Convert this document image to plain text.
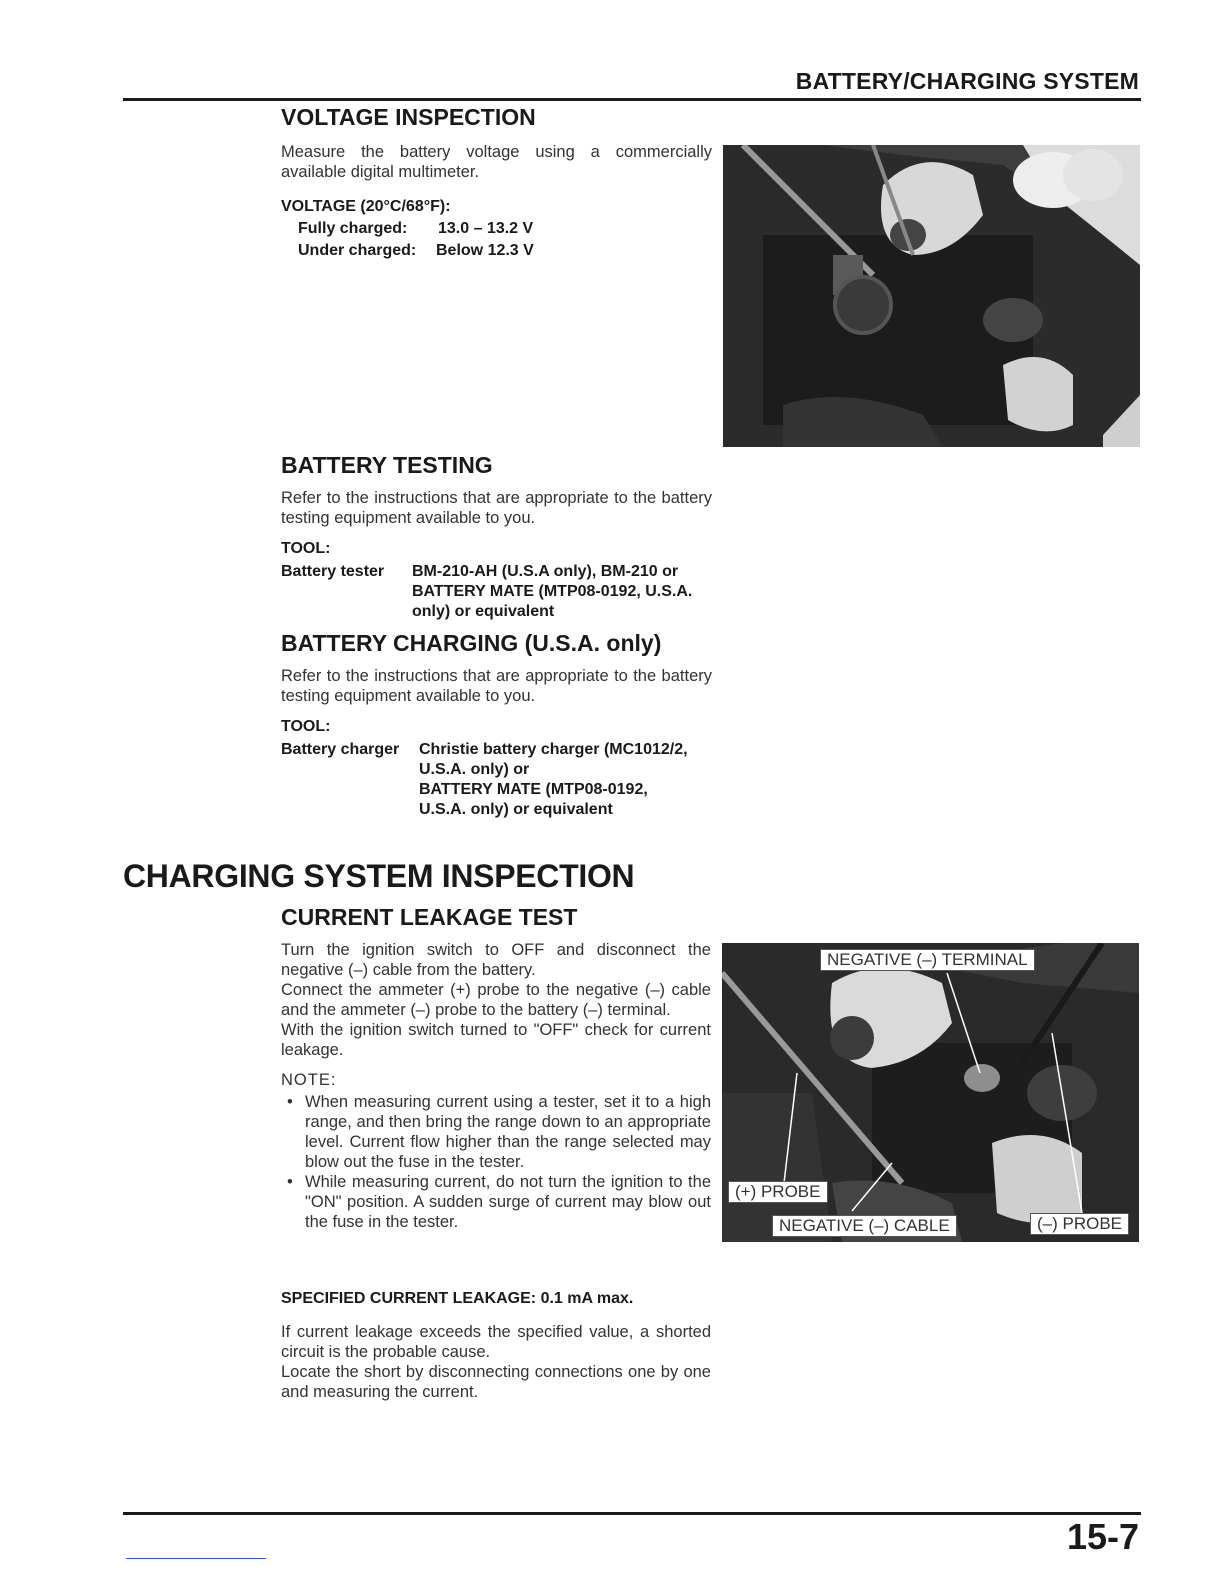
BATTERY/CHARGING SYSTEM
VOLTAGE INSPECTION
Measure the battery voltage using a commercially available digital multimeter.
VOLTAGE (20°C/68°F):
Fully charged:	13.0 – 13.2 V
Under charged:	Below 12.3 V
BATTERY TESTING
Refer to the instructions that are appropriate to the battery testing equipment available to you.
TOOL:
Battery tester	BM-210-AH (U.S.A only), BM-210 or
BATTERY MATE (MTP08-0192, U.S.A.
only) or equivalent
BATTERY CHARGING (U.S.A. only)
Refer to the instructions that are appropriate to the battery testing equipment available to you.
TOOL:
Battery charger	Christie battery charger (MC1012/2,
U.S.A. only) or
BATTERY MATE (MTP08-0192,
U.S.A. only) or equivalent
CHARGING SYSTEM INSPECTION
CURRENT LEAKAGE TEST

Turn the ignition switch to OFF and disconnect the negative (–) cable from the battery.

Connect the ammeter (+) probe to the negative (–) cable and the ammeter (–) probe to the battery (–) terminal.

With the ignition switch turned to "OFF" check for current leakage.

NOTE:

• When measuring current using a tester, set it to a high range, and then bring the range down to an appropriate level. Current flow higher than the range selected may blow out the fuse in the tester.
• While measuring current, do not turn the ignition to the "ON" position. A sudden surge of current may blow out the fuse in the tester.
SPECIFIED CURRENT LEAKAGE: 0.1 mA max.

If current leakage exceeds the specified value, a shorted circuit is the probable cause.

Locate the short by disconnecting connections one by one and measuring the current.

NEGATIVE (–) TERMINAL
(+) PROBE
NEGATIVE (–) CABLE	(–) PROBE
15-7
